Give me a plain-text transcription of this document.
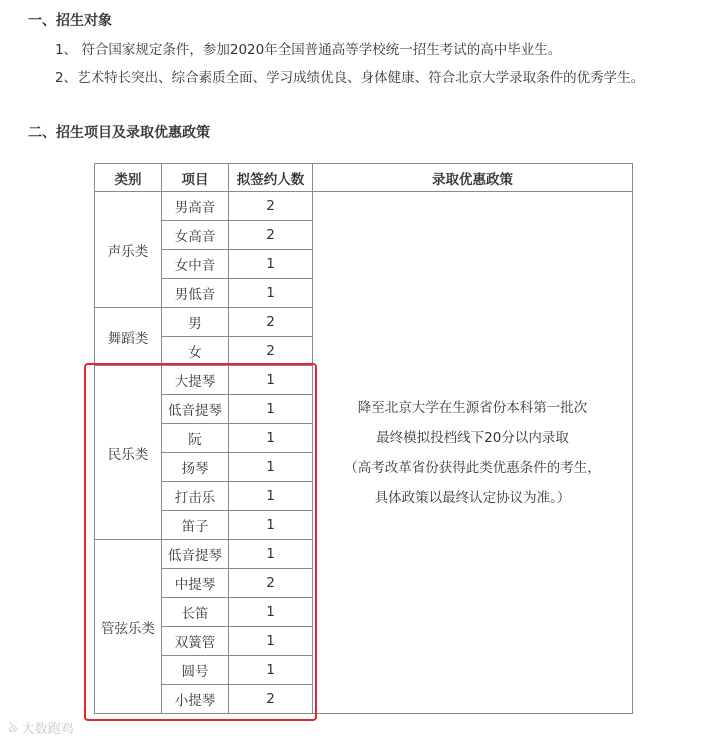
一、招生对象
1、 符合国家规定条件，参加2020年全国普通高等学校统一招生考试的高中毕业生。
2、艺术特长突出、综合素质全面、学习成绩优良、身体健康、符合北京大学录取条件的优秀学生。
二、招生项目及录取优惠政策
类别	项目	拟签约人数	录取优惠政策
声乐类	男高音	2	降至北京大学在生源省份本科第一批次
最终模拟投档线下20分以内录取
（高考改革省份获得此类优惠条件的考生，
具体政策以最终认定协议为准。）

	女高音	2	
	女中音	1	
	男低音	1	
舞蹈类	男	2	
	女	2	
民乐类	大提琴	1	
	低音提琴	1	
	阮	1	
	扬琴	1	
	打击乐	1	
	笛子	1	
管弦乐类	低音提琴	1	
	中提琴	2	
	长笛	1	
	双簧管	1	
	圆号	1	
	小提琴	2	
ঌ 大数跑鸡
